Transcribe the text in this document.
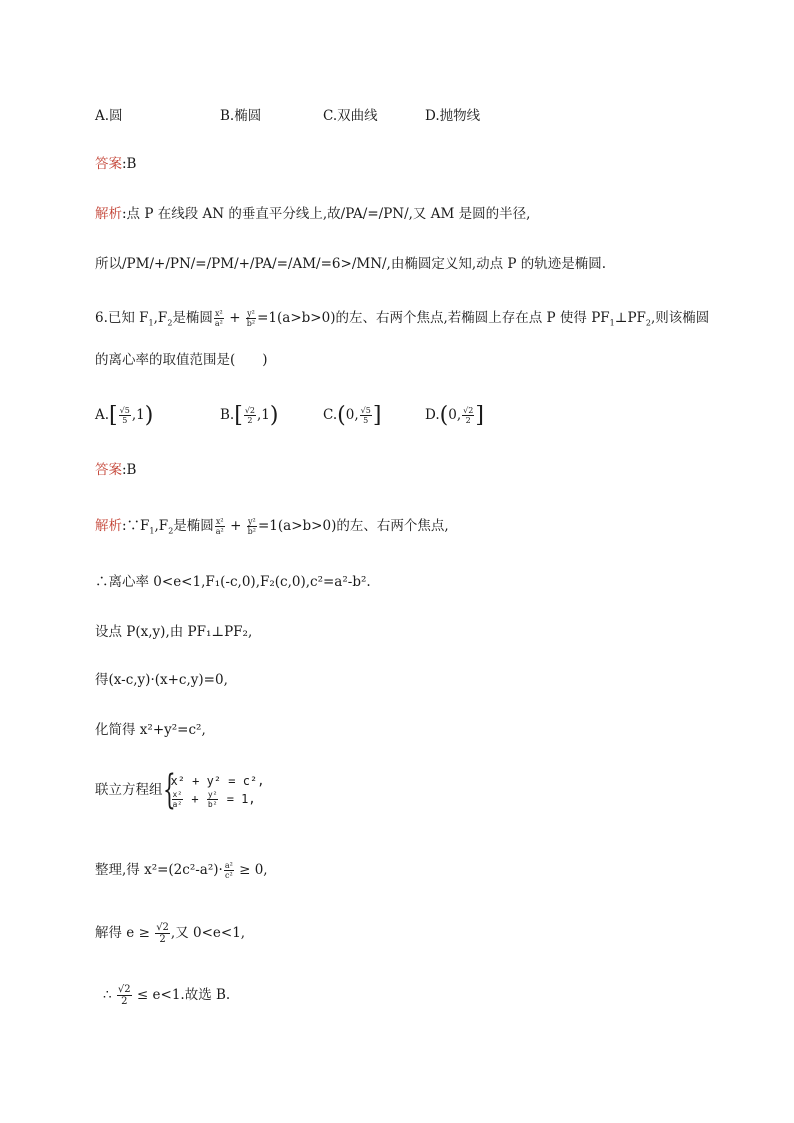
A.圆	B.椭圆	C.双曲线	D.抛物线
答案:B
解析:点 P 在线段 AN 的垂直平分线上,故/PA/=/PN/,又 AM 是圆的半径,
所以/PM/+/PN/=/PM/+/PA/=/AM/=6>/MN/,由椭圆定义知,动点 P 的轨迹是椭圆.
6.已知 $F_1,F_2$是椭圆 $\frac{\text{x²}}{\text{a²}} + \frac{\text{y²}}{\text{b²}} =1(a>b>0)$的左、右两个焦点,若椭圆上存在点 P 使得 $PF_1\perp PF_2$,则该椭圆
的离心率的取值范围是(　　)
$A.[ \frac{√5}{5} ,1)$	$B.[ \frac{√2}{2} ,1)$	C.(0, $\frac{√5}{5}$ ]	D.(0, $\frac{√2}{2}$ ]
答案:B
解析$:\because F_1,F_2$是椭圆 $\frac{\text{x²}}{\text{a²}} + \frac{\text{y²}}{\text{b²}} =1(a>b>0)$的左、右两个焦点,
∴离心率 0<e<1,F₁(-c,0),F₂(c,0),c²=a²-b².
设点 P(x,y),由 PF₁⊥PF₂,
得(x-c,y)·(x+c,y)=0,
化简得 x²+y²=c²,
联立方程组 {
x² + y² = c²,
$\frac{\text{x²}}{\text{a²}} + \frac{\text{y²}}{\text{b²}} = 1$,
整理,得 $x^2=(2c^2-a^2)\cdot \frac{\text{a²}}{\text{c²}} \ge 0$,
解得 $e \ge \frac{√2}{2}$ ,又 0<e<1,
∴ $\frac{√2}{2} \le e<1$.故选 B.
